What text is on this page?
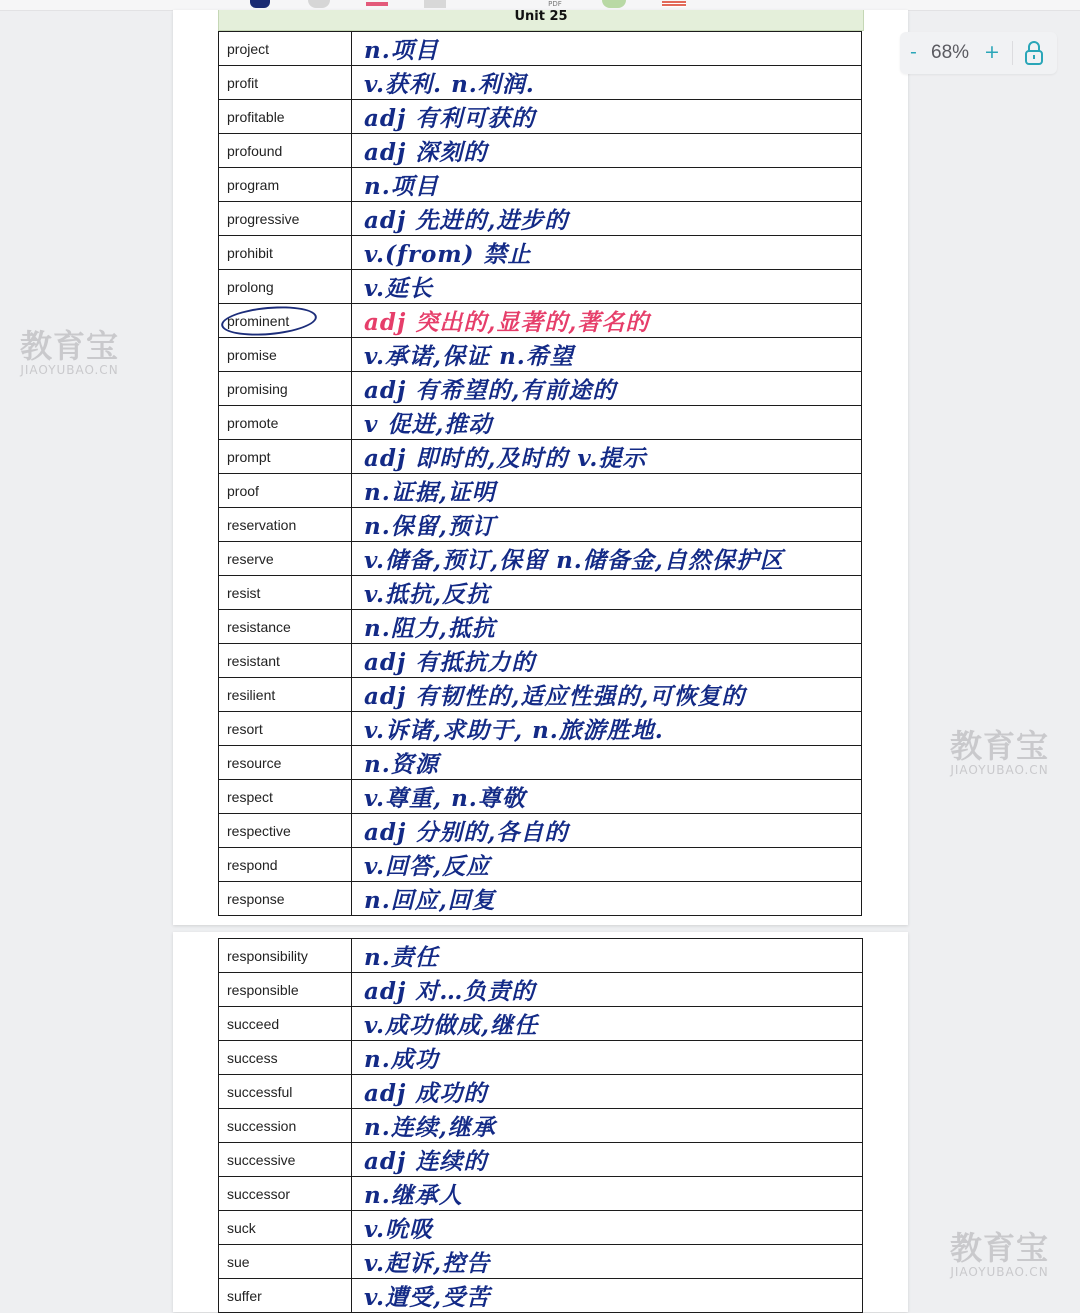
PDF
Unit 25
project	n.项目
profit	v.获利. n.利润.
profitable	adj 有利可获的
profound	adj 深刻的
program	n.项目
progressive	adj 先进的,进步的
prohibit	v.(from) 禁止
prolong	v.延长
prominent	adj 突出的,显著的,著名的
promise	v.承诺,保证 n.希望
promising	adj 有希望的,有前途的
promote	v 促进,推动
prompt	adj 即时的,及时的 v.提示
proof	n.证据,证明
reservation	n.保留,预订
reserve	v.储备,预订,保留 n.储备金,自然保护区
resist	v.抵抗,反抗
resistance	n.阻力,抵抗
resistant	adj 有抵抗力的
resilient	adj 有韧性的,适应性强的,可恢复的
resort	v.诉诸,求助于, n.旅游胜地.
resource	n.资源
respect	v.尊重, n.尊敬
respective	adj 分别的,各自的
respond	v.回答,反应
response	n.回应,回复
responsibility	n.责任
responsible	adj 对…负责的
succeed	v.成功做成,继任
success	n.成功
successful	adj 成功的
succession	n.连续,继承
successive	adj 连续的
successor	n.继承人
suck	v.吮吸
sue	v.起诉,控告
suffer	v.遭受,受苦
- 68% +
教育宝
JIAOYUBAO.CN
教育宝
JIAOYUBAO.CN
教育宝
JIAOYUBAO.CN
